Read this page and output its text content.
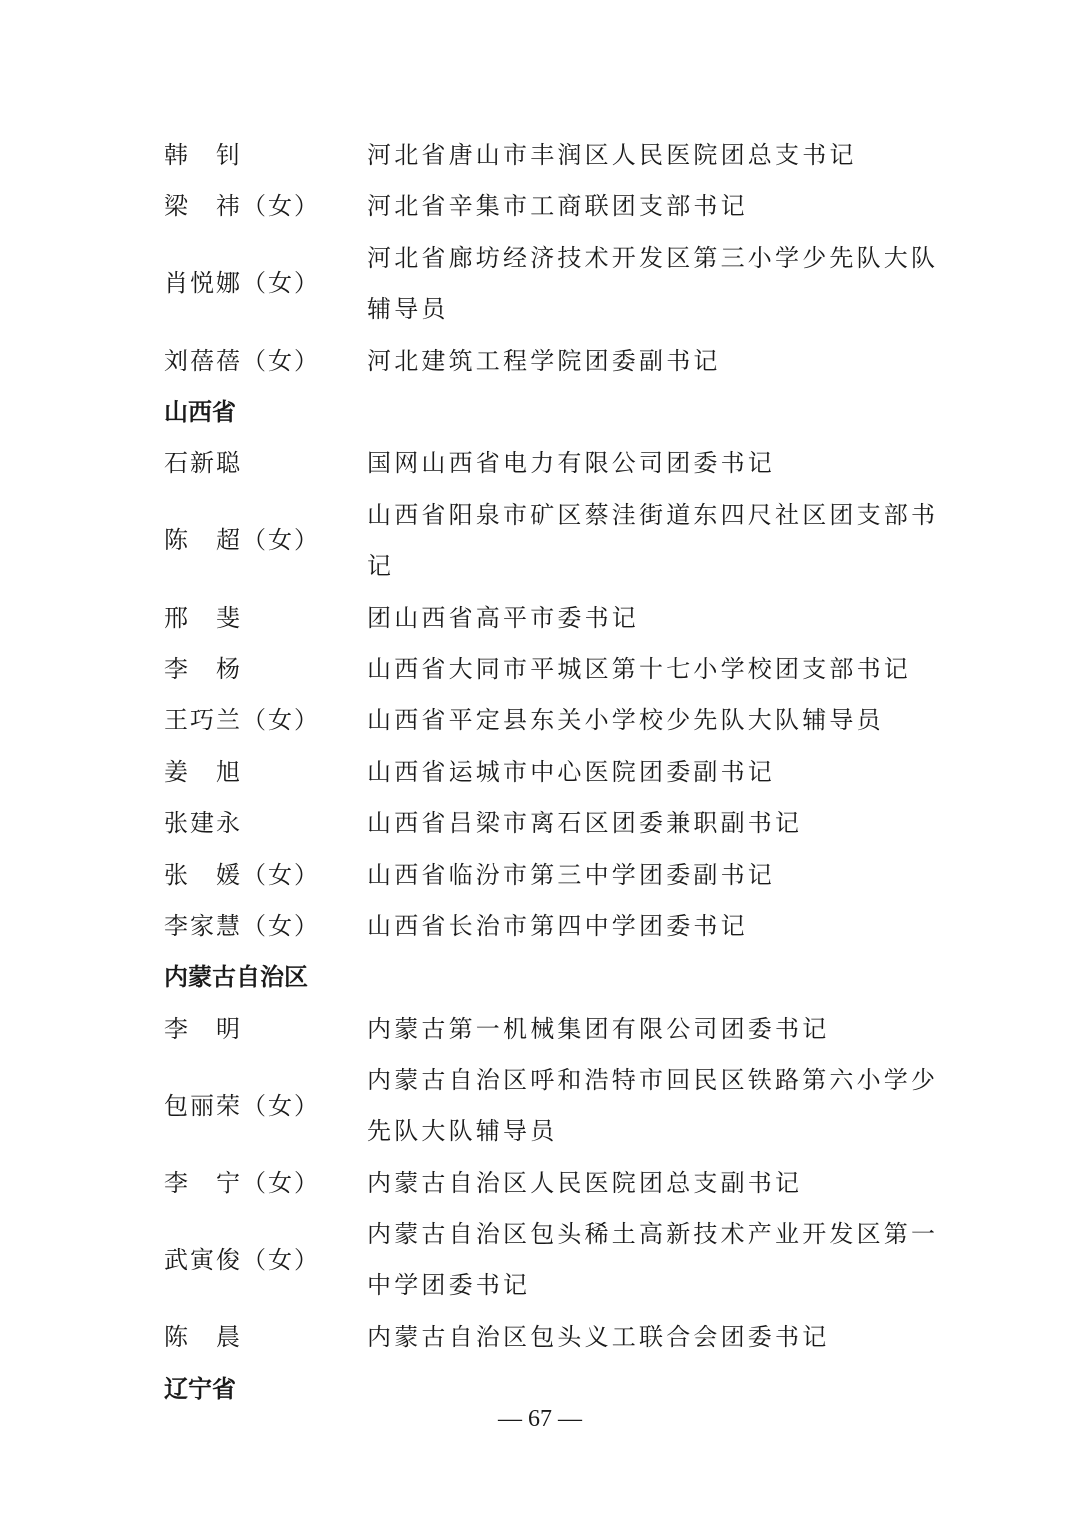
河北省唐山市丰润区人民医院团总支书记
韩　钊
河北省辛集市工商联团支部书记
梁　祎（女）
河北省廊坊经济技术开发区第三小学少先队大队辅导员
肖悦娜（女）
河北建筑工程学院团委副书记
刘蓓蓓（女）
山西省
国网山西省电力有限公司团委书记
石新聪
山西省阳泉市矿区蔡洼街道东四尺社区团支部书记
陈　超（女）
团山西省高平市委书记
邢　斐
山西省大同市平城区第十七小学校团支部书记
李　杨
山西省平定县东关小学校少先队大队辅导员
王巧兰（女）
山西省运城市中心医院团委副书记
姜　旭
山西省吕梁市离石区团委兼职副书记
张建永
山西省临汾市第三中学团委副书记
张　媛（女）
山西省长治市第四中学团委书记
李家慧（女）
内蒙古自治区
内蒙古第一机械集团有限公司团委书记
李　明
内蒙古自治区呼和浩特市回民区铁路第六小学少先队大队辅导员
包丽荣（女）
内蒙古自治区人民医院团总支副书记
李　宁（女）
内蒙古自治区包头稀土高新技术产业开发区第一中学团委书记
武寅俊（女）
内蒙古自治区包头义工联合会团委书记
陈　晨
辽宁省
— 67 —
